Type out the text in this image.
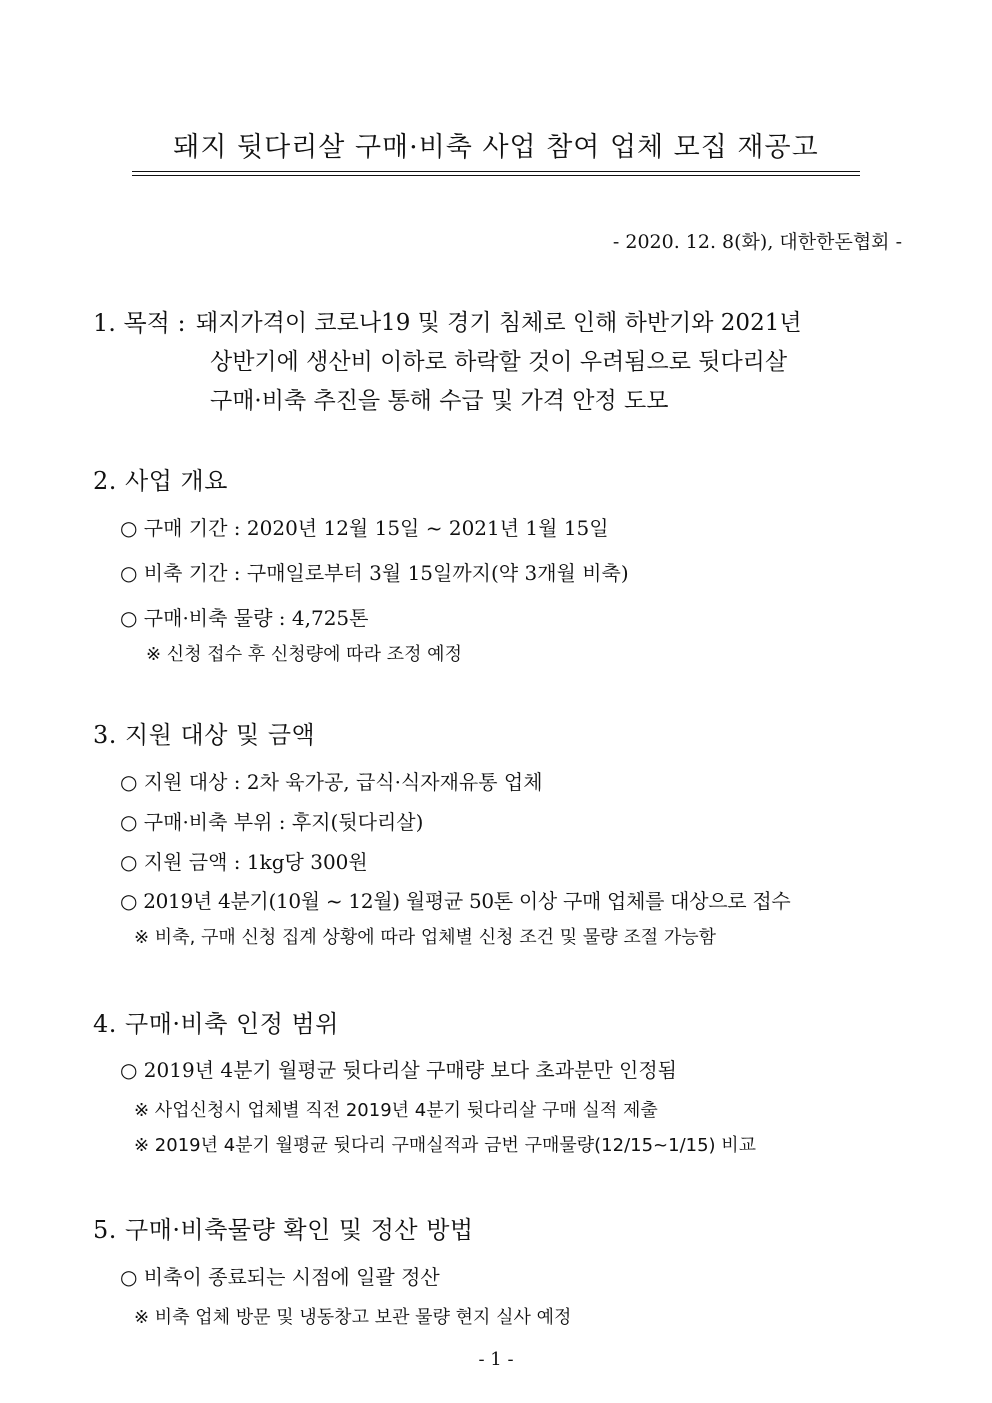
돼지 뒷다리살 구매·비축 사업 참여 업체 모집 재공고
- 2020. 12. 8(화), 대한한돈협회 -
1. 목적 : 돼지가격이 코로나19 및 경기 침체로 인해 하반기와 2021년
상반기에 생산비 이하로 하락할 것이 우려됨으로 뒷다리살
구매·비축 추진을 통해 수급 및 가격 안정 도모
2. 사업 개요
○ 구매 기간 : 2020년 12월 15일 ~ 2021년 1월 15일
○ 비축 기간 : 구매일로부터 3월 15일까지(약 3개월 비축)
○ 구매·비축 물량 : 4,725톤
※ 신청 접수 후 신청량에 따라 조정 예정
3. 지원 대상 및 금액
○ 지원 대상 : 2차 육가공, 급식·식자재유통 업체
○ 구매·비축 부위 : 후지(뒷다리살)
○ 지원 금액 : 1kg당 300원
○ 2019년 4분기(10월 ~ 12월) 월평균 50톤 이상 구매 업체를 대상으로 접수
※ 비축, 구매 신청 집계 상황에 따라 업체별 신청 조건 및 물량 조절 가능함
4. 구매·비축 인정 범위
○ 2019년 4분기 월평균 뒷다리살 구매량 보다 초과분만 인정됨
※ 사업신청시 업체별 직전 2019년 4분기 뒷다리살 구매 실적 제출
※ 2019년 4분기 월평균 뒷다리 구매실적과 금번 구매물량(12/15~1/15) 비교
5. 구매·비축물량 확인 및 정산 방법
○ 비축이 종료되는 시점에 일괄 정산
※ 비축 업체 방문 및 냉동창고 보관 물량 현지 실사 예정
- 1 -
